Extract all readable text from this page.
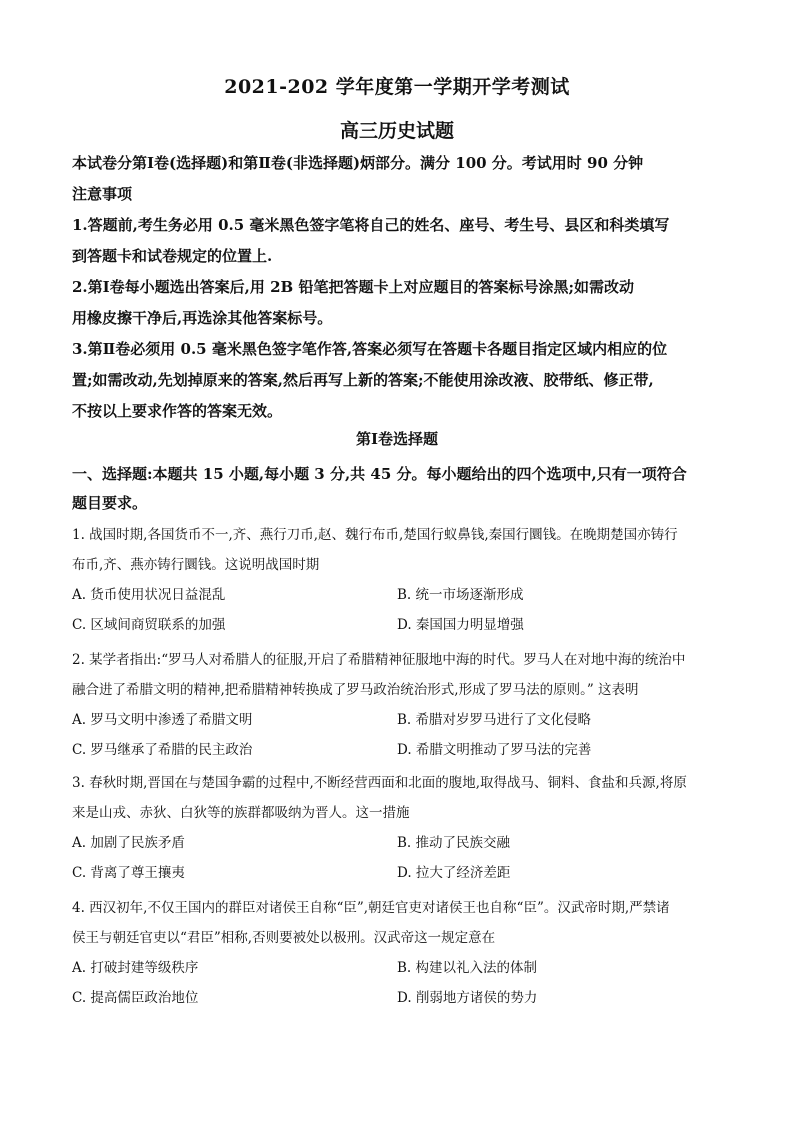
2021-202 学年度第一学期开学考测试
高三历史试题

本试卷分第Ⅰ卷(选择题)和第Ⅱ卷(非选择题)炳部分。满分 100 分。考试用时 90 分钟

注意事项

1.答题前,考生务必用 0.5 毫米黑色签字笔将自己的姓名、座号、考生号、县区和科类填写

到答题卡和试卷规定的位置上.

2.第Ⅰ卷每小题选出答案后,用 2B 铅笔把答题卡上对应题目的答案标号涂黑;如需改动

用橡皮擦干净后,再选涂其他答案标号。

3.第Ⅱ卷必须用 0.5 毫米黑色签字笔作答,答案必须写在答题卡各题目指定区域内相应的位

置;如需改动,先划掉原来的答案,然后再写上新的答案;不能使用涂改液、胶带纸、修正带,

不按以上要求作答的答案无效。

第Ⅰ卷选择题

一、选择题:本题共 15 小题,每小题 3 分,共 45 分。每小题给出的四个选项中,只有一项符合

题目要求。

1. 战国时期,各国货币不一,齐、燕行刀币,赵、魏行布币,楚国行蚁鼻钱,秦国行圜钱。在晚期楚国亦铸行

布币,齐、燕亦铸行圜钱。这说明战国时期

A. 货币使用状况日益混乱	B. 统一市场逐渐形成
C. 区域间商贸联系的加强	D. 秦国国力明显增强

2. 某学者指出:“罗马人对希腊人的征服,开启了希腊精神征服地中海的时代。罗马人在对地中海的统治中

融合进了希腊文明的精神,把希腊精神转换成了罗马政治统治形式,形成了罗马法的原则。” 这表明

A. 罗马文明中渗透了希腊文明	B. 希腊对岁罗马进行了文化侵略
C. 罗马继承了希腊的民主政治	D. 希腊文明推动了罗马法的完善

3. 春秋时期,晋国在与楚国争霸的过程中,不断经营西面和北面的腹地,取得战马、铜料、食盐和兵源,将原

来是山戎、赤狄、白狄等的族群都吸纳为晋人。这一措施

A. 加剧了民族矛盾	B. 推动了民族交融
C. 背离了尊王攘夷	D. 拉大了经济差距

4. 西汉初年,不仅王国内的群臣对诸侯王自称“臣”,朝廷官吏对诸侯王也自称“臣”。汉武帝时期,严禁诸

侯王与朝廷官吏以“君臣”相称,否则要被处以极刑。汉武帝这一规定意在

A. 打破封建等级秩序	B. 构建以礼入法的体制
C. 提高儒臣政治地位	D. 削弱地方诸侯的势力
